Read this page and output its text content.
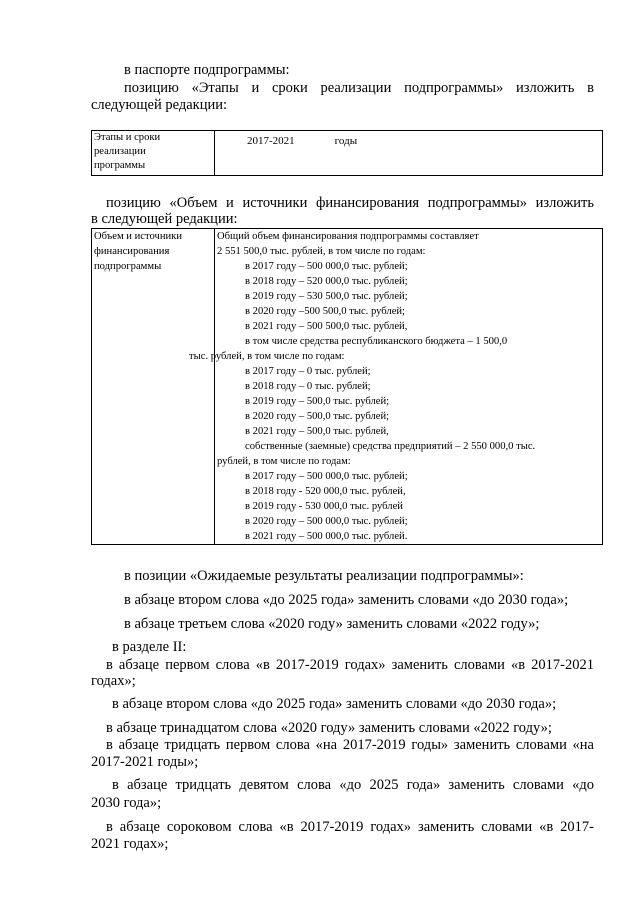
в паспорте подпрограммы:
позицию «Этапы и сроки реализации подпрограммы» изложить в
следующей редакции:
Этапы и сроки
реализации
программы
	2017-2021	годы
позицию «Объем и источники финансирования подпрограммы» изложить
в следующей редакции:
Объем и источники
финансирования
подпрограммы

Общий объем финансирования подпрограммы составляет
2 551 500,0 тыс. рублей, в том числе по годам:
в 2017 году – 500 000,0 тыс. рублей;
в 2018 году – 520 000,0 тыс. рублей;
в 2019 году – 530 500,0 тыс. рублей;
в 2020 году –500 500,0 тыс. рублей;
в 2021 году – 500 500,0 тыс. рублей,
в том числе средства республиканского бюджета – 1 500,0
тыс. рублей, в том числе по годам:
в 2017 году – 0 тыс. рублей;
в 2018 году – 0 тыс. рублей;
в 2019 году – 500,0 тыс. рублей;
в 2020 году – 500,0 тыс. рублей;
в 2021 году – 500,0 тыс. рублей,
собственные (заемные) средства предприятий – 2 550 000,0 тыс.
рублей, в том числе по годам:
в 2017 году – 500 000,0 тыс. рублей;
в 2018 году - 520 000,0 тыс. рублей,
в 2019 году - 530 000,0 тыс. рублей
в 2020 году – 500 000,0 тыс. рублей;
в 2021 году – 500 000,0 тыс. рублей.
в позиции «Ожидаемые результаты реализации подпрограммы»:
в абзаце втором слова «до 2025 года» заменить словами «до 2030 года»;
в абзаце третьем слова «2020 году» заменить словами «2022 году»;
в разделе II:
в абзаце первом слова «в 2017-2019 годах» заменить словами «в 2017-2021
годах»;
в абзаце втором слова «до 2025 года» заменить словами «до 2030 года»;
в абзаце тринадцатом слова «2020 году» заменить словами «2022 году»;
в абзаце тридцать первом слова «на 2017-2019 годы» заменить словами «на
2017-2021 годы»;
в абзаце тридцать девятом слова «до 2025 года» заменить словами «до
2030 года»;
в абзаце сороковом слова «в 2017-2019 годах» заменить словами «в 2017-
2021 годах»;
